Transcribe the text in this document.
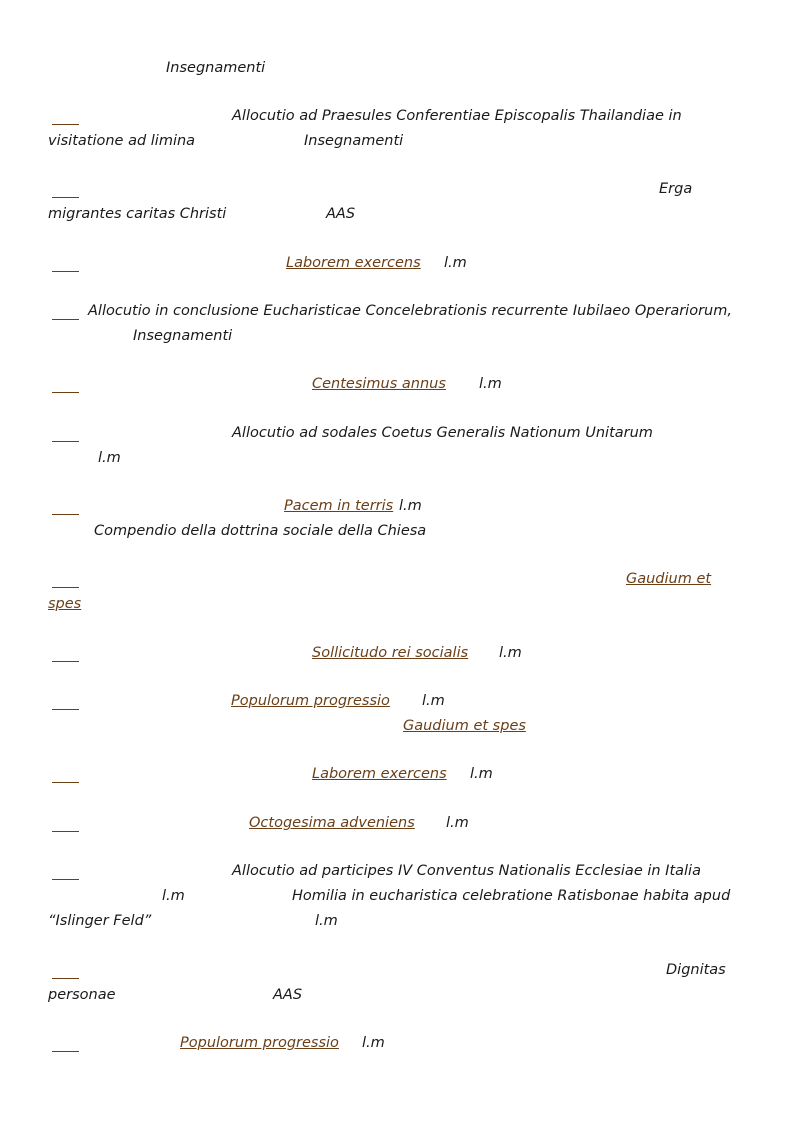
Insegnamenti
Allocutio ad Praesules Conferentiae Episcopalis Thailandiae in
visitatione ad limina	Insegnamenti
Erga
migrantes caritas Christi	AAS
Laborem exercens l.m
Allocutio in conclusione Eucharisticae Concelebrationis recurrente Iubilaeo Operariorum,
Insegnamenti
Centesimus annus l.m
Allocutio ad sodales Coetus Generalis Nationum Unitarum
l.m
Pacem in terris l.m
Compendio della dottrina sociale della Chiesa
Gaudium et
spes
Sollicitudo rei socialis l.m
Populorum progressio l.m
Gaudium et spes
Laborem exercens l.m
Octogesima adveniens l.m
Allocutio ad participes IV Conventus Nationalis Ecclesiae in Italia
l.m	Homilia in eucharistica celebratione Ratisbonae habita apud
“Islinger Feld”	l.m
Dignitas
personae	AAS
Populorum progressio l.m
